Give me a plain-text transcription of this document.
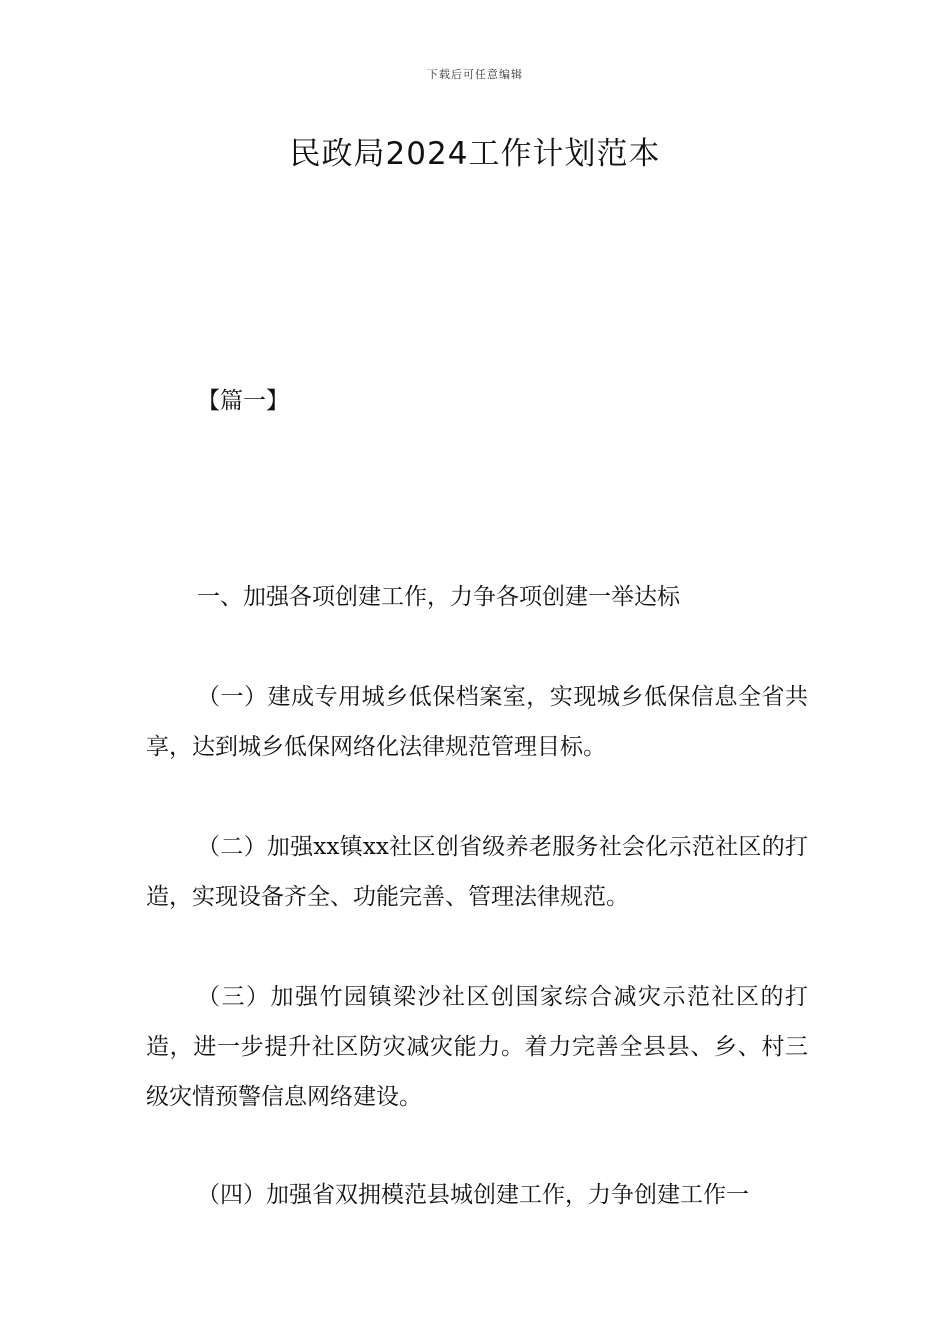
下载后可任意编辑
民政局2024工作计划范本
【篇一】
一、加强各项创建工作，力争各项创建一举达标
（一）建成专用城乡低保档案室，实现城乡低保信息全省共享，达到城乡低保网络化法律规范管理目标。
（二）加强xx镇xx社区创省级养老服务社会化示范社区的打造，实现设备齐全、功能完善、管理法律规范。
（三）加强竹园镇梁沙社区创国家综合减灾示范社区的打造，进一步提升社区防灾减灾能力。着力完善全县县、乡、村三级灾情预警信息网络建设。
（四）加强省双拥模范县城创建工作，力争创建工作一
